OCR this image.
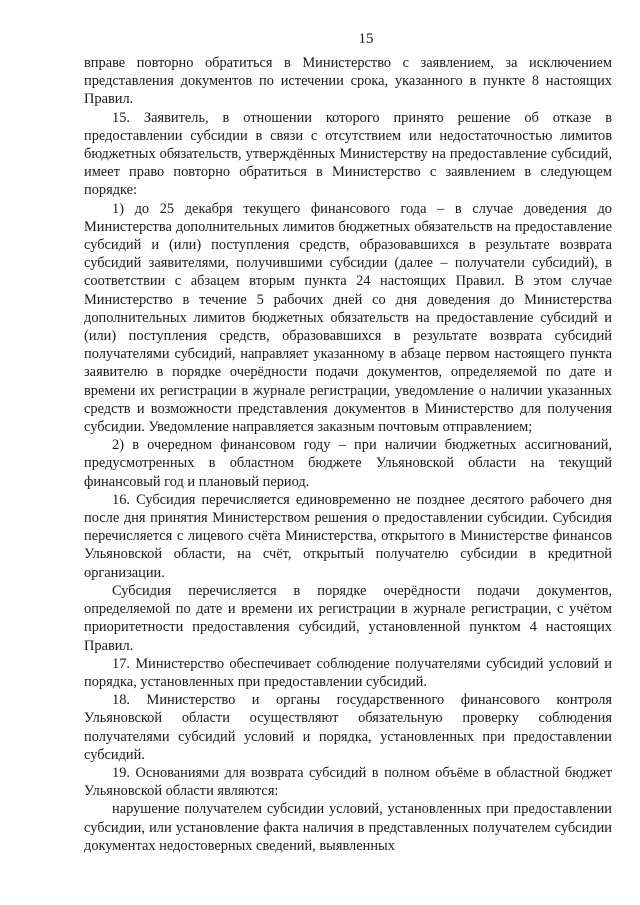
15

вправе повторно обратиться в Министерство с заявлением, за исключением представления документов по истечении срока, указанного в пункте 8 настоящих Правил.

15. Заявитель, в отношении которого принято решение об отказе в предоставлении субсидии в связи с отсутствием или недостаточностью лимитов бюджетных обязательств, утверждённых Министерству на предоставление субсидий, имеет право повторно обратиться в Министерство с заявлением в следующем порядке:

1) до 25 декабря текущего финансового года – в случае доведения до Министерства дополнительных лимитов бюджетных обязательств на предоставление субсидий и (или) поступления средств, образовавшихся в результате возврата субсидий заявителями, получившими субсидии (далее – получатели субсидий), в соответствии с абзацем вторым пункта 24 настоящих Правил. В этом случае Министерство в течение 5 рабочих дней со дня доведения до Министерства дополнительных лимитов бюджетных обязательств на предоставление субсидий и (или) поступления средств, образовавшихся в результате возврата субсидий получателями субсидий, направляет указанному в абзаце первом настоящего пункта заявителю в порядке очерёдности подачи документов, определяемой по дате и времени их регистрации в журнале регистрации, уведомление о наличии указанных средств и возможности представления документов в Министерство для получения субсидии. Уведомление направляется заказным почтовым отправлением;

2) в очередном финансовом году – при наличии бюджетных ассигнований, предусмотренных в областном бюджете Ульяновской области на текущий финансовый год и плановый период.

16. Субсидия перечисляется единовременно не позднее десятого рабочего дня после дня принятия Министерством решения о предоставлении субсидии. Субсидия перечисляется с лицевого счёта Министерства, открытого в Министерстве финансов Ульяновской области, на счёт, открытый получателю субсидии в кредитной организации.

Субсидия перечисляется в порядке очерёдности подачи документов, определяемой по дате и времени их регистрации в журнале регистрации, с учётом приоритетности предоставления субсидий, установленной пунктом 4 настоящих Правил.

17. Министерство обеспечивает соблюдение получателями субсидий условий и порядка, установленных при предоставлении субсидий.

18. Министерство и органы государственного финансового контроля Ульяновской области осуществляют обязательную проверку соблюдения получателями субсидий условий и порядка, установленных при предоставлении субсидий.

19. Основаниями для возврата субсидий в полном объёме в областной бюджет Ульяновской области являются:

нарушение получателем субсидии условий, установленных при предоставлении субсидии, или установление факта наличия в представленных получателем субсидии документах недостоверных сведений, выявленных
